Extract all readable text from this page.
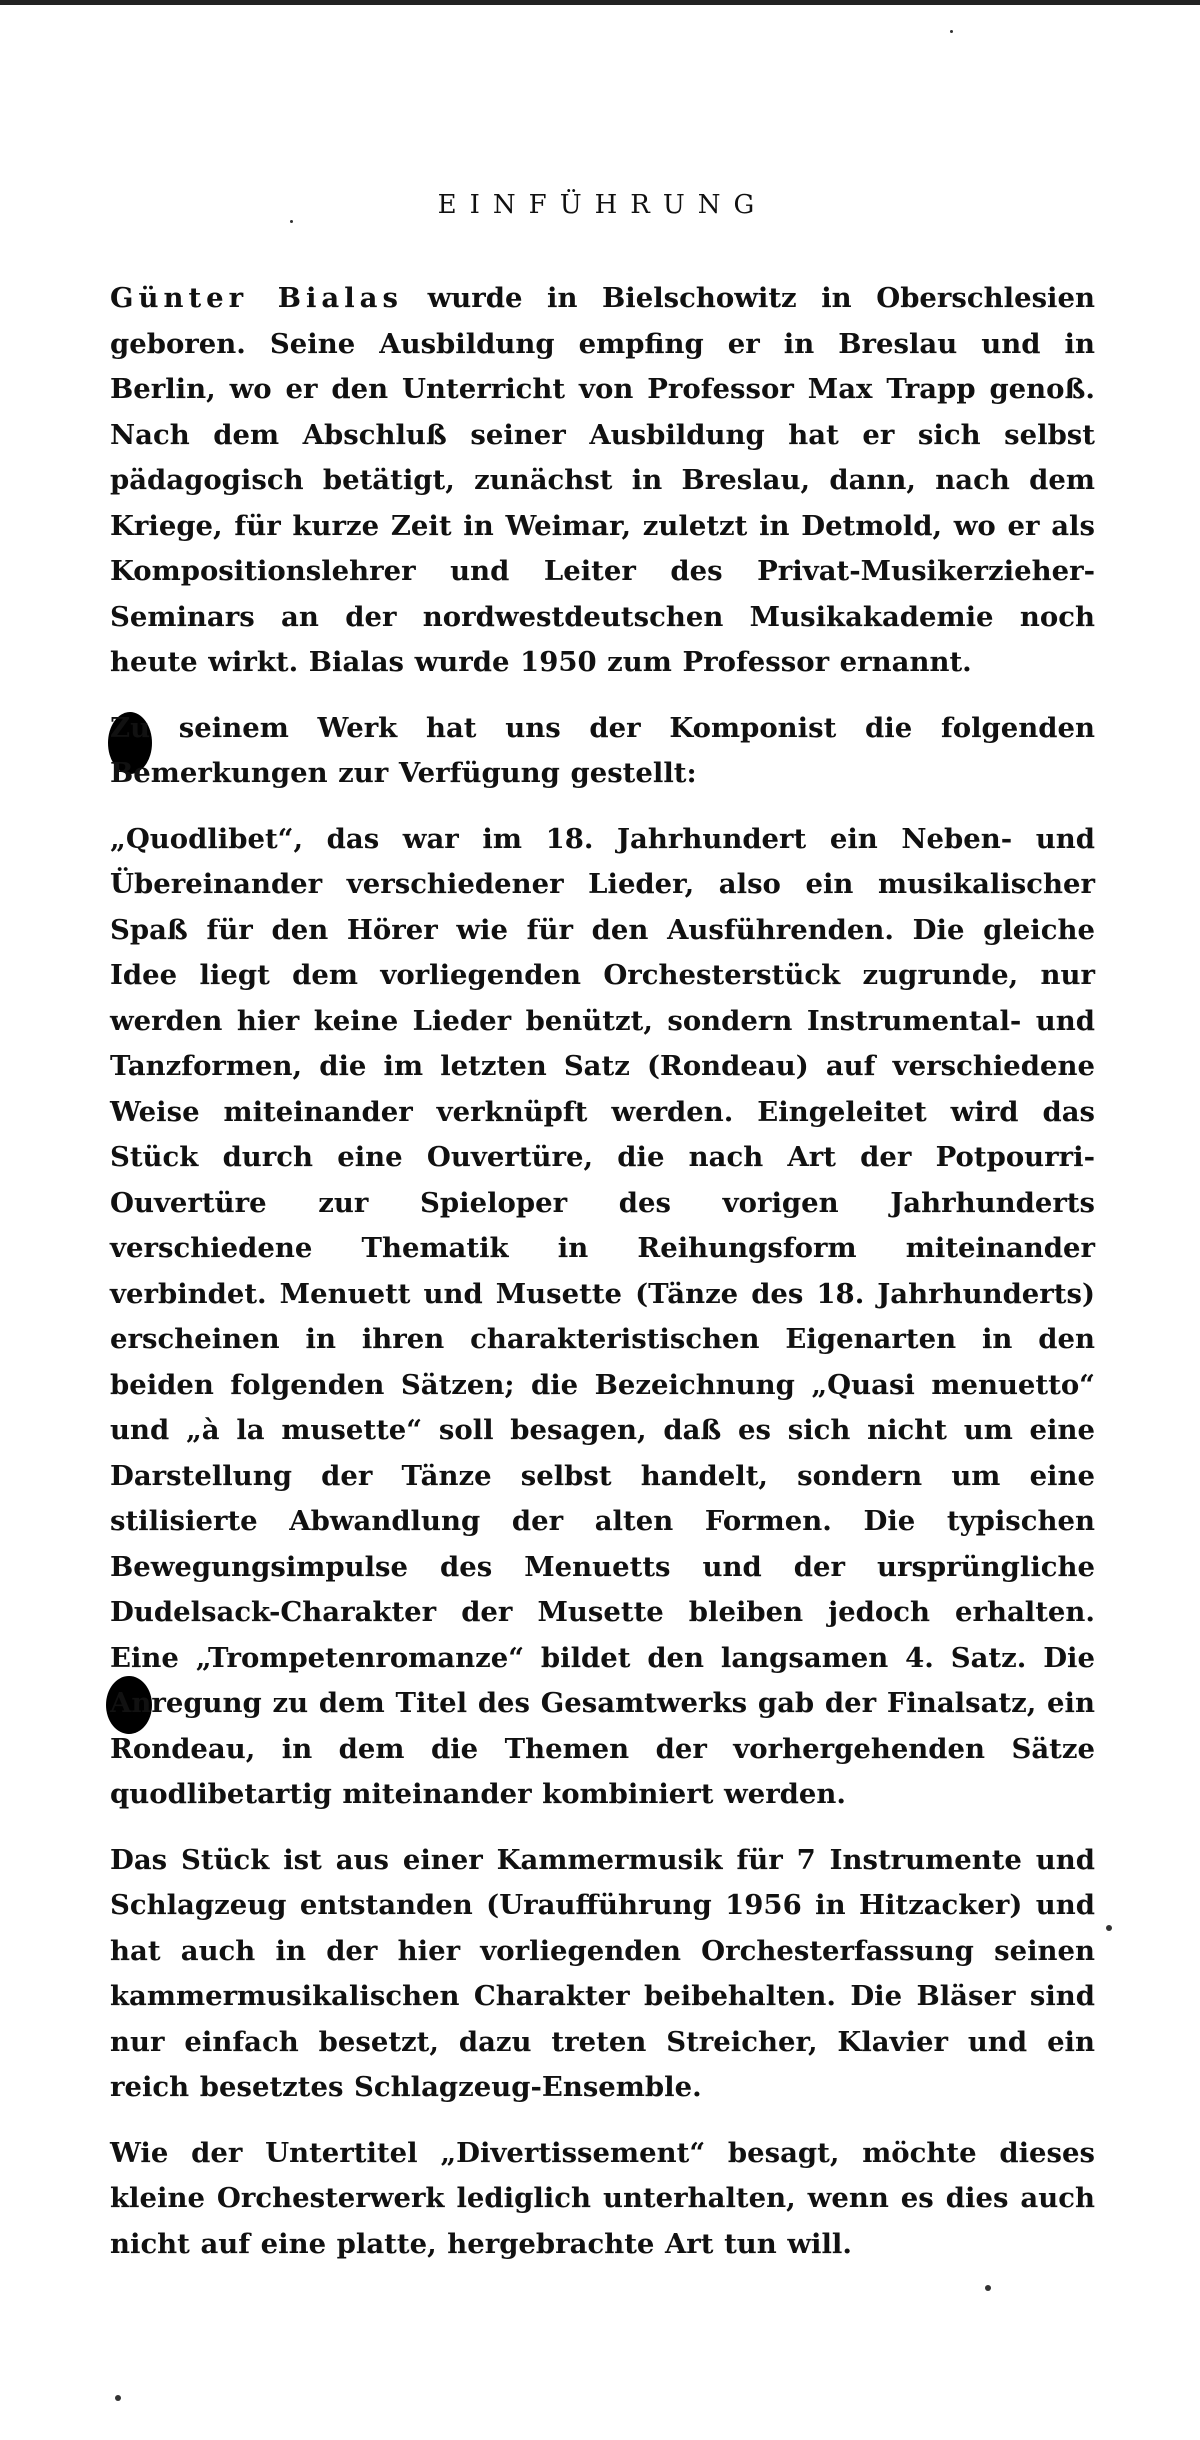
EINFÜHRUNG

Günter Bialas wurde in Bielschowitz in Oberschlesien geboren. Seine Ausbildung empfing er in Breslau und in Berlin, wo er den Unterricht von Professor Max Trapp genoß. Nach dem Abschluß seiner Ausbildung hat er sich selbst pädagogisch betätigt, zunächst in Breslau, dann, nach dem Kriege, für kurze Zeit in Weimar, zuletzt in Detmold, wo er als Kompositionslehrer und Leiter des Privat-Musikerzieher-Seminars an der nordwestdeutschen Musikakademie noch heute wirkt. Bialas wurde 1950 zum Professor ernannt.

Zu seinem Werk hat uns der Komponist die folgenden Bemerkungen zur Verfügung gestellt:

„Quodlibet“, das war im 18. Jahrhundert ein Neben- und Übereinander verschiedener Lieder, also ein musikalischer Spaß für den Hörer wie für den Ausführenden. Die gleiche Idee liegt dem vorliegenden Orchesterstück zugrunde, nur werden hier keine Lieder benützt, sondern Instrumental- und Tanzformen, die im letzten Satz (Rondeau) auf verschiedene Weise miteinander verknüpft werden. Eingeleitet wird das Stück durch eine Ouvertüre, die nach Art der Potpourri-Ouvertüre zur Spieloper des vorigen Jahrhunderts verschiedene Thematik in Reihungsform miteinander verbindet. Menuett und Musette (Tänze des 18. Jahrhunderts) erscheinen in ihren charakteristischen Eigenarten in den beiden folgenden Sätzen; die Bezeichnung „Quasi menuetto“ und „à la musette“ soll besagen, daß es sich nicht um eine Darstellung der Tänze selbst handelt, sondern um eine stilisierte Abwandlung der alten Formen. Die typischen Bewegungsimpulse des Menuetts und der ursprüngliche Dudelsack-Charakter der Musette bleiben jedoch erhalten. Eine „Trompetenromanze“ bildet den langsamen 4. Satz. Die Anregung zu dem Titel des Gesamtwerks gab der Finalsatz, ein Rondeau, in dem die Themen der vorhergehenden Sätze quodlibetartig miteinander kombiniert werden.

Das Stück ist aus einer Kammermusik für 7 Instrumente und Schlagzeug entstanden (Uraufführung 1956 in Hitzacker) und hat auch in der hier vorliegenden Orchesterfassung seinen kammermusikalischen Charakter beibehalten. Die Bläser sind nur einfach besetzt, dazu treten Streicher, Klavier und ein reich besetztes Schlagzeug-Ensemble.

Wie der Untertitel „Divertissement“ besagt, möchte dieses kleine Orchesterwerk lediglich unterhalten, wenn es dies auch nicht auf eine platte, hergebrachte Art tun will.
